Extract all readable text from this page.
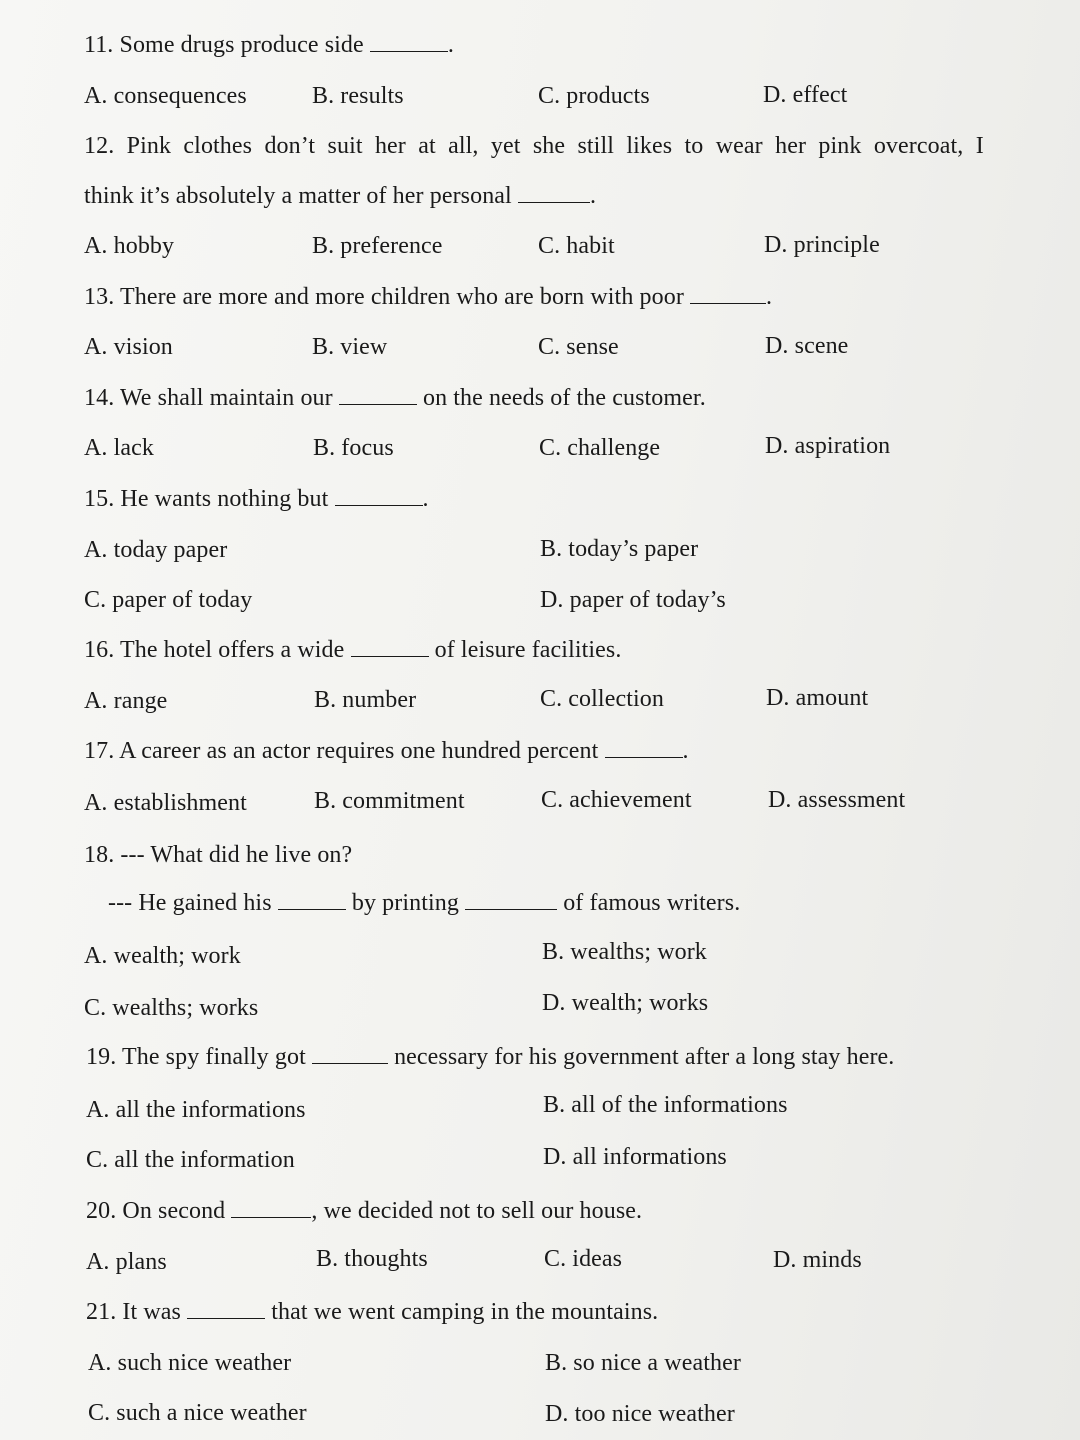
11. Some drugs produce side	.
A. consequences	B. results	C. products	D. effect
12. Pink clothes don’t suit her at all, yet she still likes to wear her pink overcoat, I
think it’s absolutely a matter of her personal	.
A. hobby	B. preference	C. habit	D. principle
13. There are more and more children who are born with poor	.
A. vision	B. view	C. sense	D. scene
14. We shall maintain our	on the needs of the customer.
A. lack	B. focus	C. challenge	D. aspiration
15. He wants nothing but	.
A. today paper	B. today’s paper
C. paper of today	D. paper of today’s
16. The hotel offers a wide	of leisure facilities.
A. range	B. number	C. collection	D. amount
17. A career as an actor requires one hundred percent	.
A. establishment	B. commitment	C. achievement	D. assessment
18. --- What did he live on?
--- He gained his	by printing	of famous writers.
A. wealth; work	B. wealths; work
C. wealths; works	D. wealth; works
19. The spy finally got	necessary for his government after a long stay here.
A. all the informations	B. all of the informations
C. all the information	D. all informations
20. On second	, we decided not to sell our house.
A. plans	B. thoughts	C. ideas	D. minds
21. It was	that we went camping in the mountains.
A. such nice weather	B. so nice a weather
C. such a nice weather	D. too nice weather
